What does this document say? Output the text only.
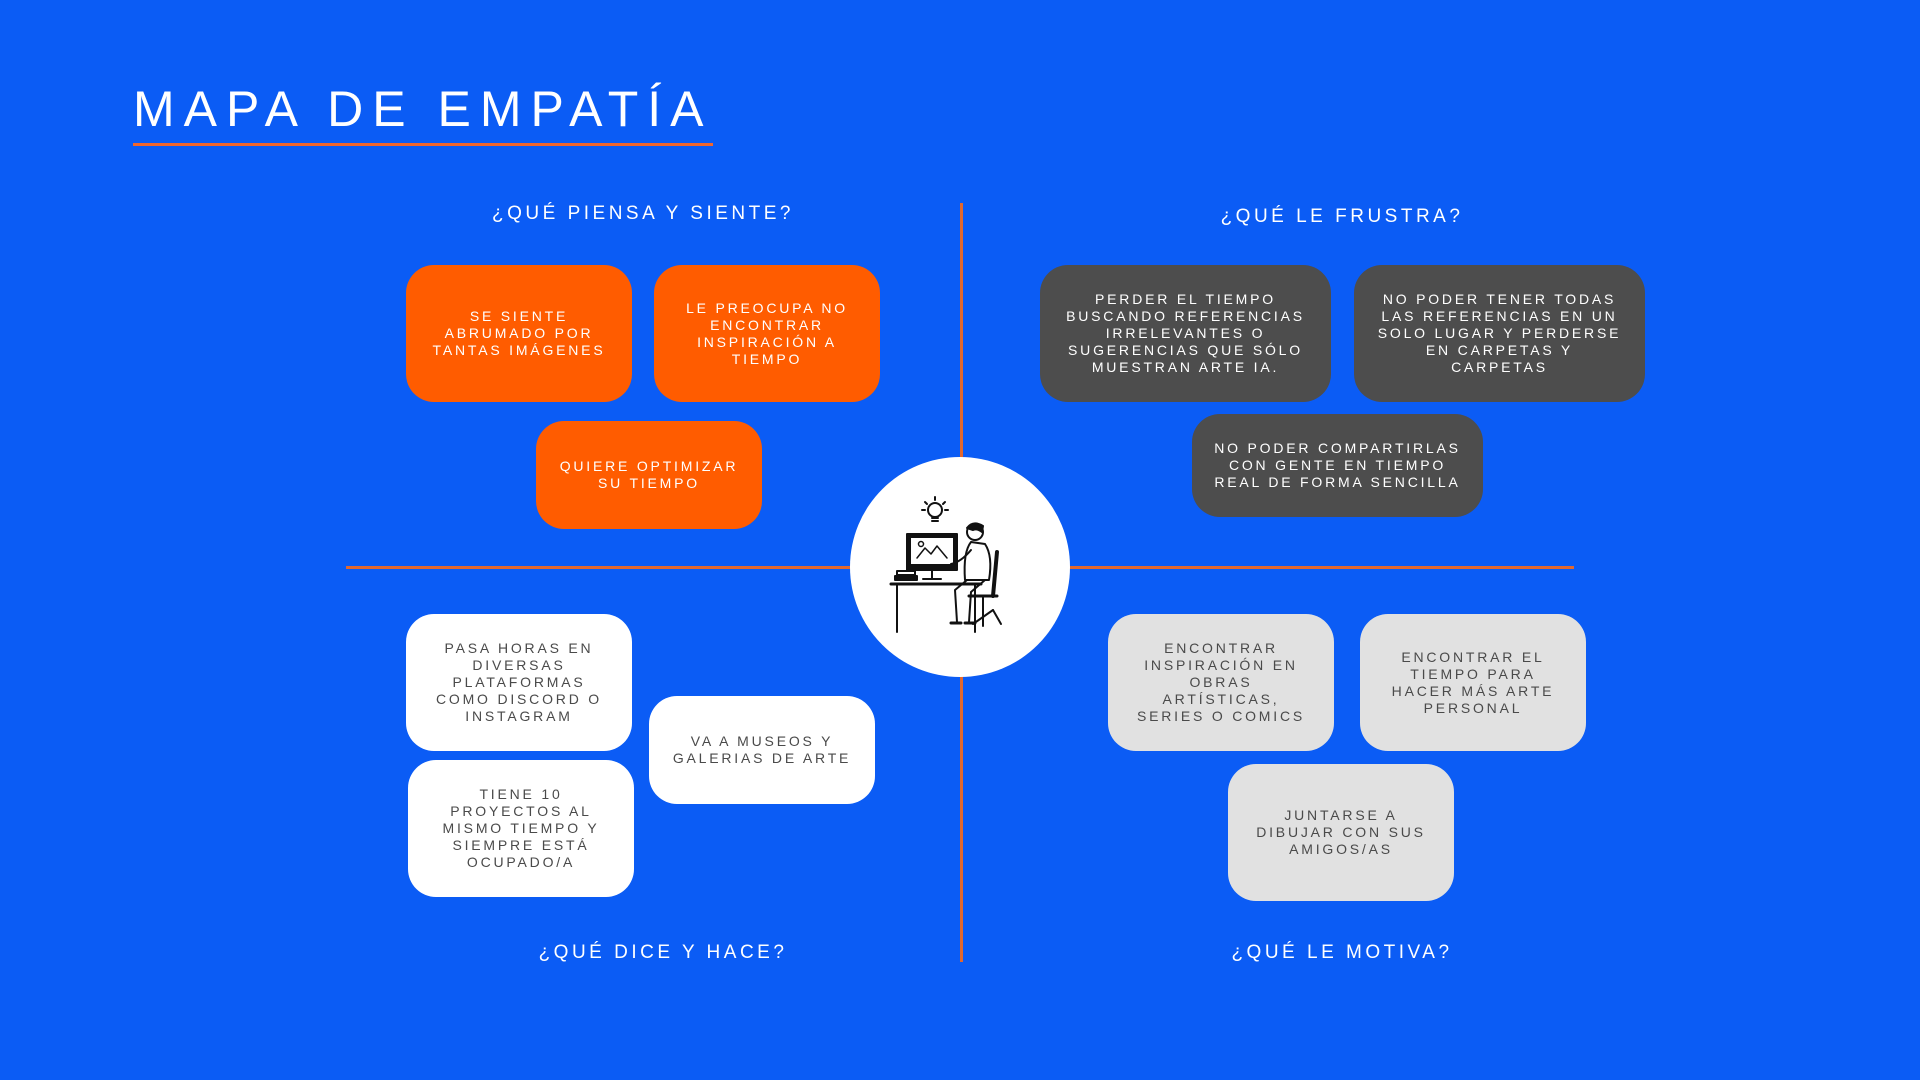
MAPA DE EMPATÍA
¿QUÉ PIENSA Y SIENTE?	¿QUÉ LE FRUSTRA?
¿QUÉ DICE Y HACE?	¿QUÉ LE MOTIVA?
SE SIENTE ABRUMADO POR TANTAS IMÁGENES
LE PREOCUPA NO ENCONTRAR INSPIRACIÓN A TIEMPO
QUIERE OPTIMIZAR SU TIEMPO
PERDER EL TIEMPO BUSCANDO REFERENCIAS IRRELEVANTES O SUGERENCIAS QUE SÓLO MUESTRAN ARTE IA.
NO PODER TENER TODAS LAS REFERENCIAS EN UN SOLO LUGAR Y PERDERSE EN CARPETAS Y CARPETAS
NO PODER COMPARTIRLAS CON GENTE EN TIEMPO REAL DE FORMA SENCILLA
PASA HORAS EN DIVERSAS PLATAFORMAS COMO DISCORD O INSTAGRAM
VA A MUSEOS Y GALERIAS DE ARTE
TIENE 10 PROYECTOS AL MISMO TIEMPO Y SIEMPRE ESTÁ OCUPADO/A
ENCONTRAR INSPIRACIÓN EN OBRAS ARTÍSTICAS, SERIES O COMICS
ENCONTRAR EL TIEMPO PARA HACER MÁS ARTE PERSONAL
JUNTARSE A DIBUJAR CON SUS AMIGOS/AS
